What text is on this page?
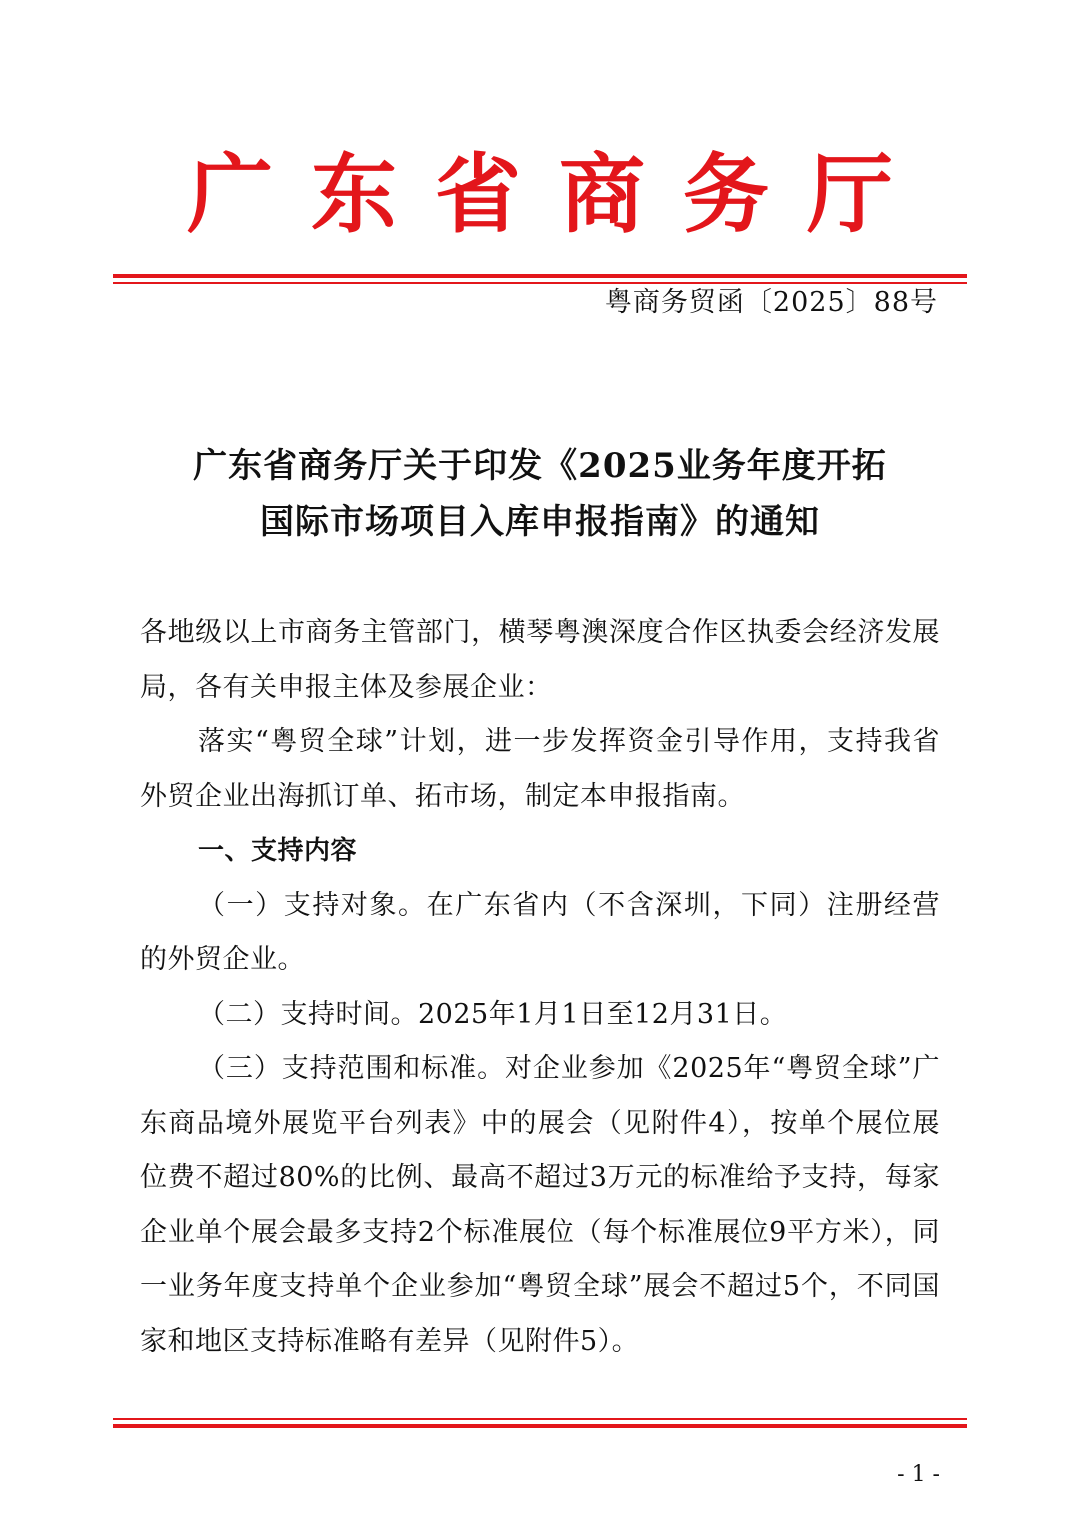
广东省商务厅
粤商务贸函〔2025〕88号
广东省商务厅关于印发《2025业务年度开拓
国际市场项目入库申报指南》的通知

各地级以上市商务主管部门，横琴粤澳深度合作区执委会经济发展局，各有关申报主体及参展企业：

落实“粤贸全球”计划，进一步发挥资金引导作用，支持我省外贸企业出海抓订单、拓市场，制定本申报指南。

一、支持内容

（一）支持对象。在广东省内（不含深圳，下同）注册经营的外贸企业。

（二）支持时间。2025年1月1日至12月31日。

（三）支持范围和标准。对企业参加《2025年“粤贸全球”广东商品境外展览平台列表》中的展会（见附件4），按单个展位展位费不超过80%的比例、最高不超过3万元的标准给予支持，每家企业单个展会最多支持2个标准展位（每个标准展位9平方米），同一业务年度支持单个企业参加“粤贸全球”展会不超过5个，不同国家和地区支持标准略有差异（见附件5）。

- 1 -
